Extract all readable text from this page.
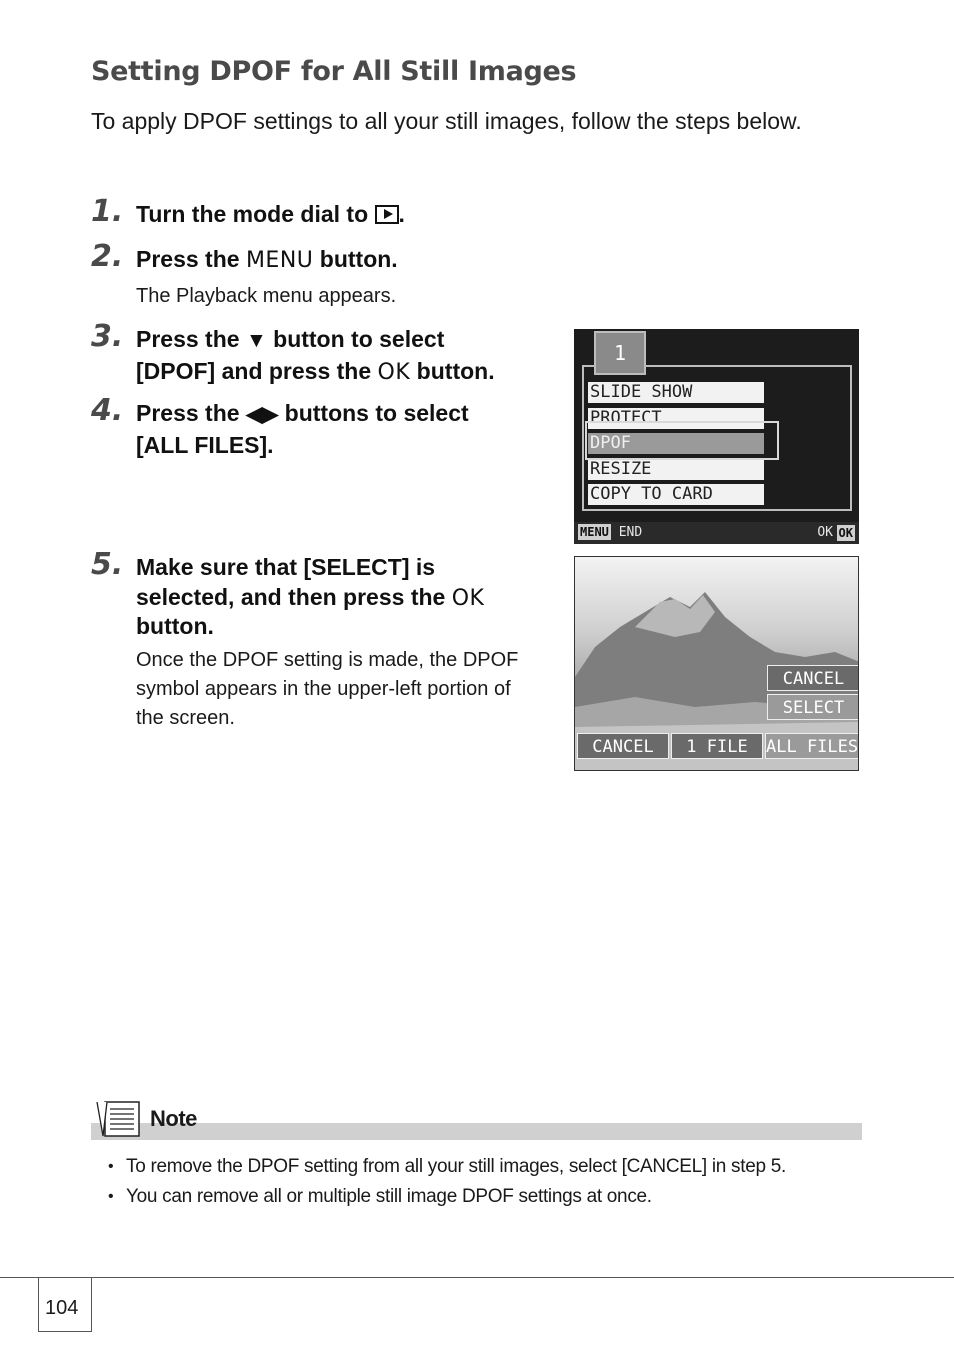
Setting DPOF for All Still Images
To apply DPOF settings to all your still images, follow the steps below.
1. Turn the mode dial to .
2. Press the MENU button.
The Playback menu appears.
3. Press the ▼ button to select
[DPOF] and press the OK button.
4. Press the ◀▶ buttons to select
[ALL FILES].
5. Make sure that [SELECT] is
selected, and then press the OK
button.
Once the DPOF setting is made, the DPOF symbol appears in the upper-left portion of the screen.
1
SLIDE SHOW
PROTECT
DPOF
RESIZE
COPY TO CARD
MENU END	OK OK
CANCEL
SELECT
CANCEL	1 FILE	ALL FILES
Note
• To remove the DPOF setting from all your still images, select [CANCEL] in step 5.
• You can remove all or multiple still image DPOF settings at once.
104
